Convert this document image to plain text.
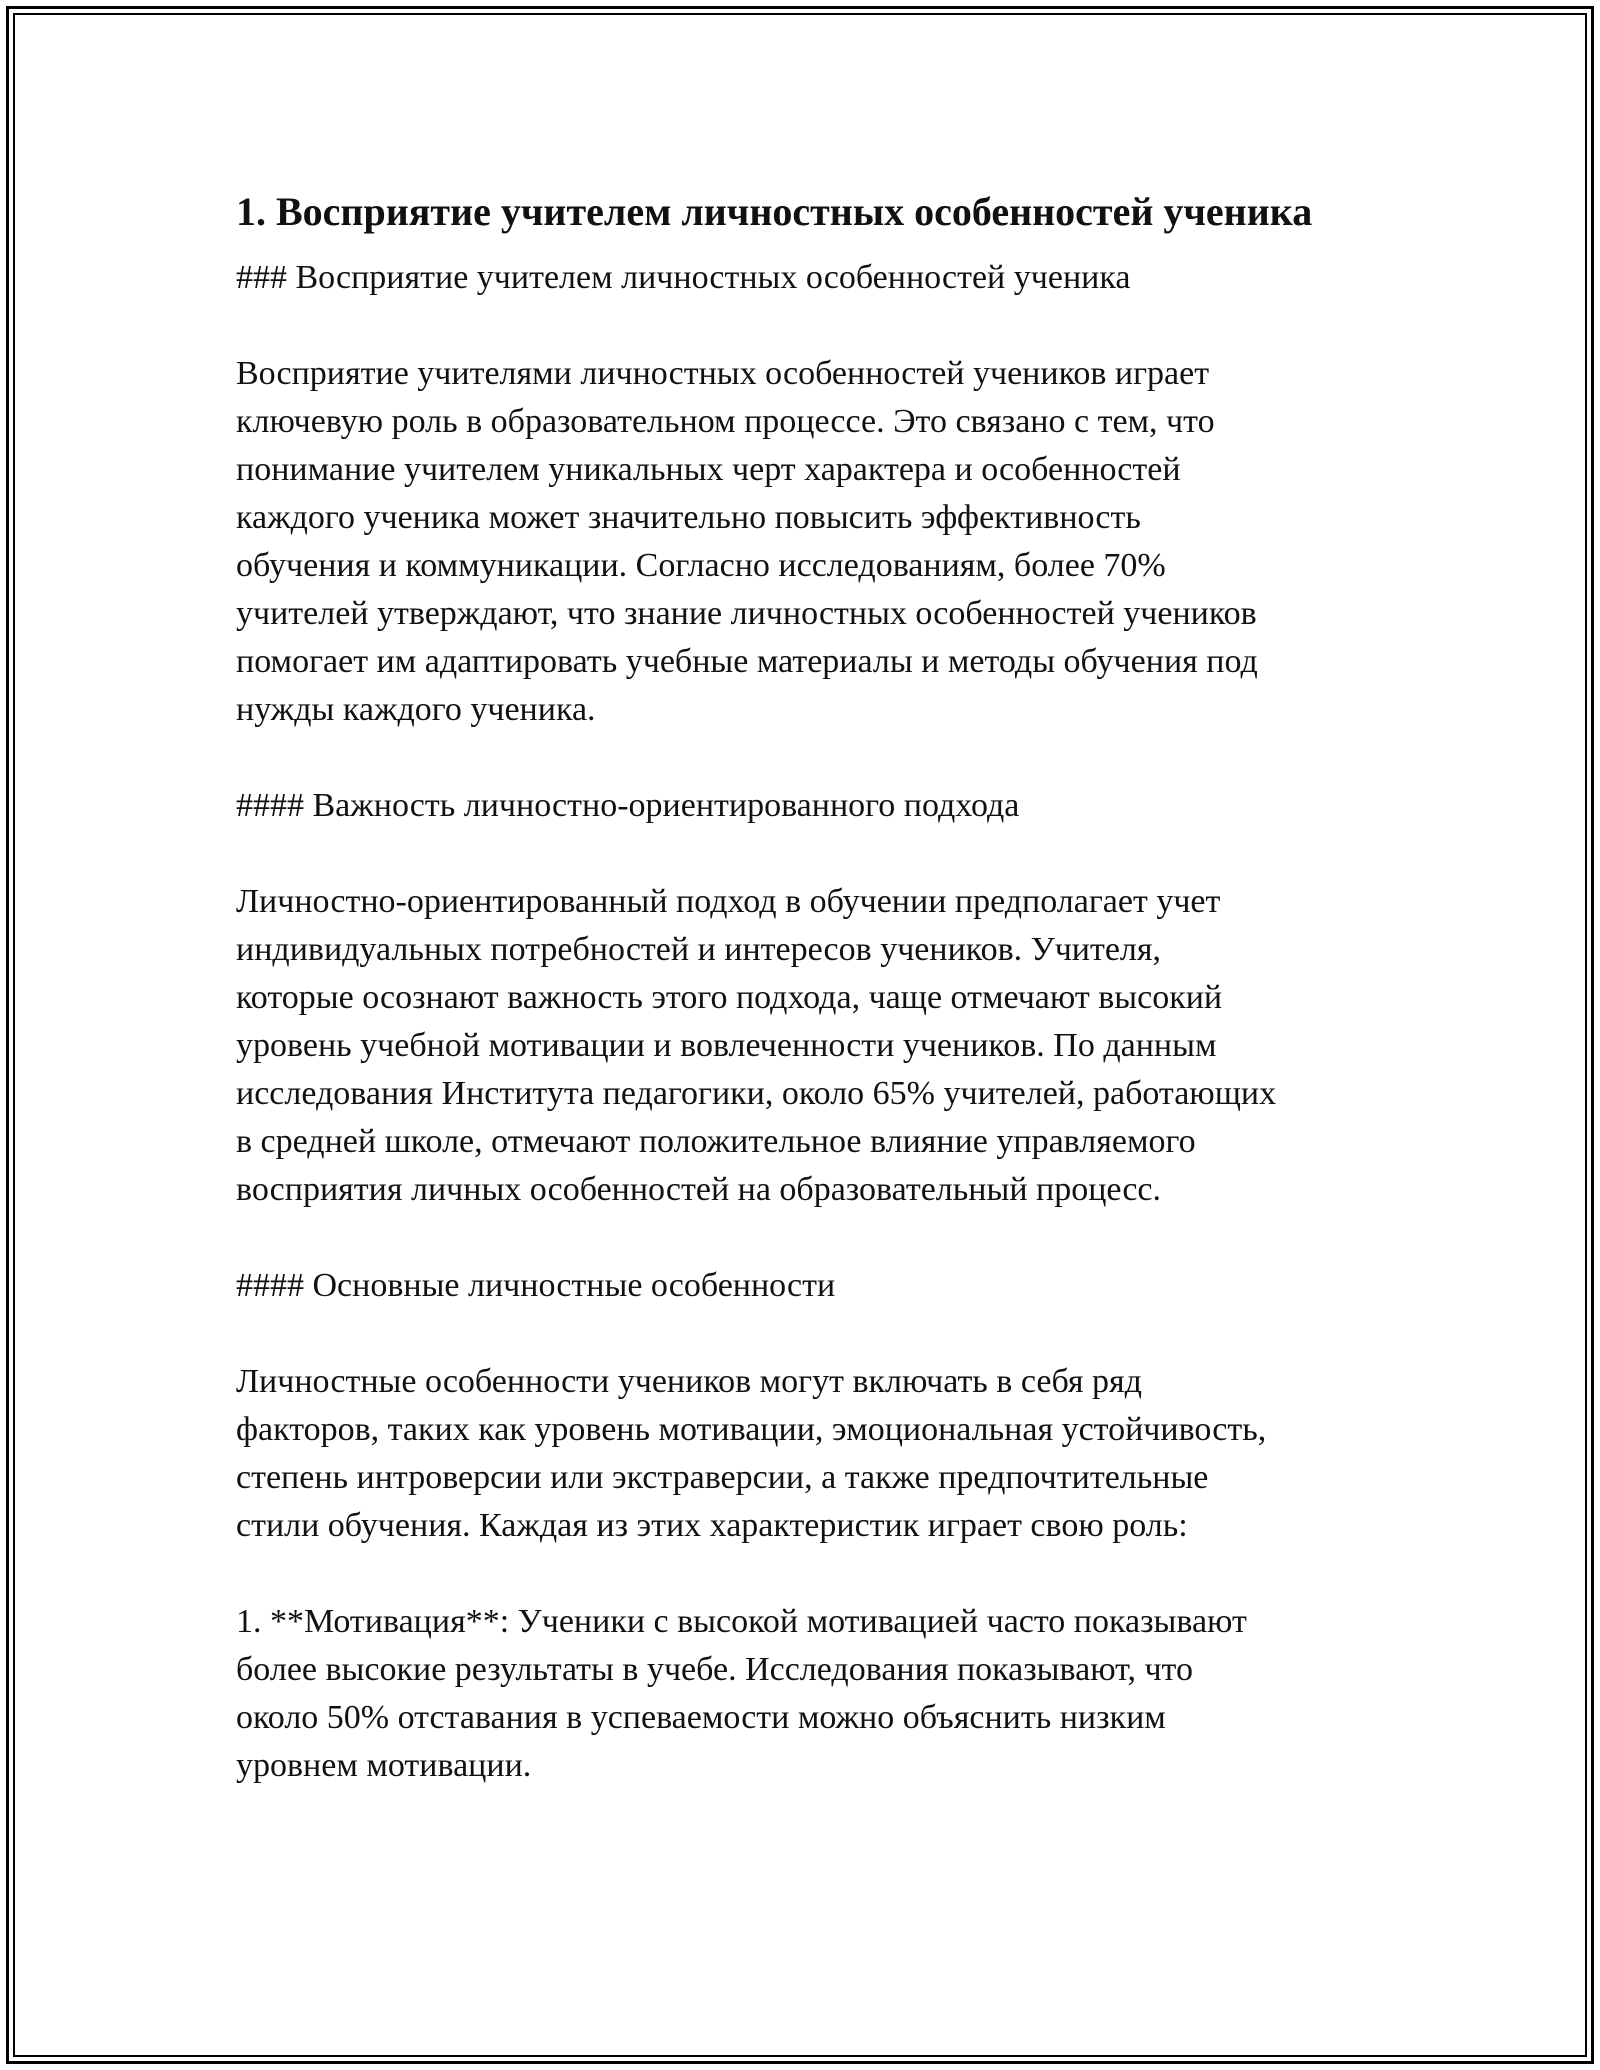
1. Восприятие учителем личностных особенностей ученика
### Восприятие учителем личностных особенностей ученика
Восприятие учителями личностных особенностей учеников играет
ключевую роль в образовательном процессе. Это связано с тем, что
понимание учителем уникальных черт характера и особенностей
каждого ученика может значительно повысить эффективность
обучения и коммуникации. Согласно исследованиям, более 70%
учителей утверждают, что знание личностных особенностей учеников
помогает им адаптировать учебные материалы и методы обучения под
нужды каждого ученика.
#### Важность личностно-ориентированного подхода
Личностно-ориентированный подход в обучении предполагает учет
индивидуальных потребностей и интересов учеников. Учителя,
которые осознают важность этого подхода, чаще отмечают высокий
уровень учебной мотивации и вовлеченности учеников. По данным
исследования Института педагогики, около 65% учителей, работающих
в средней школе, отмечают положительное влияние управляемого
восприятия личных особенностей на образовательный процесс.
#### Основные личностные особенности
Личностные особенности учеников могут включать в себя ряд
факторов, таких как уровень мотивации, эмоциональная устойчивость,
степень интроверсии или экстраверсии, а также предпочтительные
стили обучения. Каждая из этих характеристик играет свою роль:
1. **Мотивация**: Ученики с высокой мотивацией часто показывают
более высокие результаты в учебе. Исследования показывают, что
около 50% отставания в успеваемости можно объяснить низким
уровнем мотивации.
